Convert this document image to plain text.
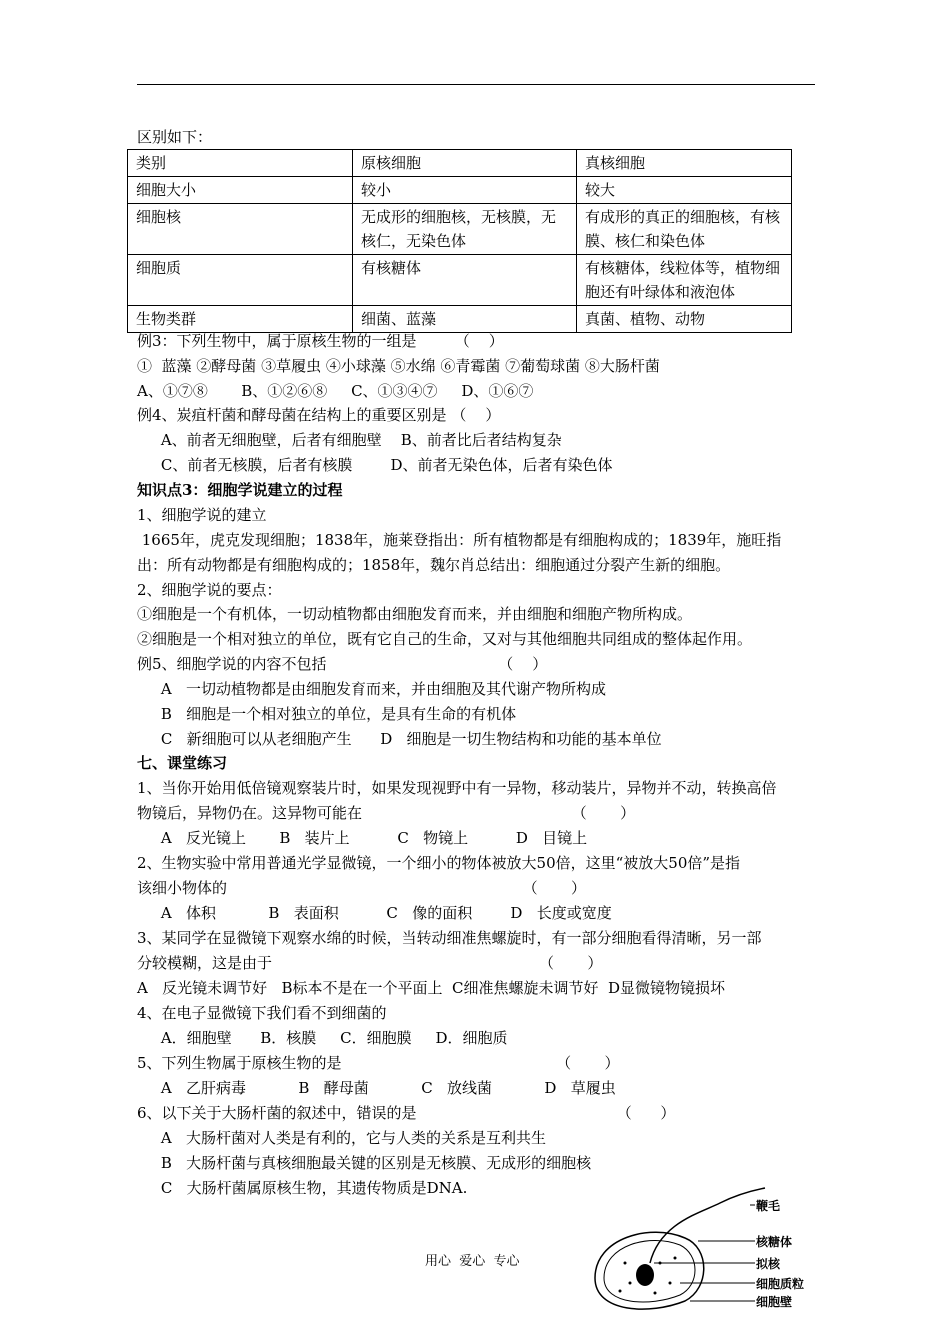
区别如下：
类别	原核细胞	真核细胞
细胞大小	较小	较大
细胞核	无成形的细胞核，无核膜，无核仁，无染色体	有成形的真正的细胞核，有核膜、核仁和染色体
细胞质	有核糖体	有核糖体，线粒体等，植物细胞还有叶绿体和液泡体
生物类群	细菌、蓝藻	真菌、植物、动物
例3：下列生物中，属于原核生物的一组是        （    ）
①  蓝藻 ②酵母菌 ③草履虫 ④小球藻 ⑤水绵 ⑥青霉菌 ⑦葡萄球菌 ⑧大肠杆菌
A、①⑦⑧       B、①②⑥⑧     C、①③④⑦     D、①⑥⑦
例4、炭疽杆菌和酵母菌在结构上的重要区别是 （    ）
A、前者无细胞壁，后者有细胞壁    B、前者比后者结构复杂
C、前者无核膜，后者有核膜        D、前者无染色体，后者有染色体
知识点3：细胞学说建立的过程
1、细胞学说的建立
1665年，虎克发现细胞；1838年，施莱登指出：所有植物都是有细胞构成的；1839年，施旺指
出：所有动物都是有细胞构成的；1858年，魏尔肖总结出：细胞通过分裂产生新的细胞。
2、细胞学说的要点：
①细胞是一个有机体，一切动植物都由细胞发育而来，并由细胞和细胞产物所构成。
②细胞是一个相对独立的单位，既有它自己的生命，又对与其他细胞共同组成的整体起作用。
例5、细胞学说的内容不包括                                    （    ）
A   一切动植物都是由细胞发育而来，并由细胞及其代谢产物所构成
B   细胞是一个相对独立的单位，是具有生命的有机体
C   新细胞可以从老细胞产生      D   细胞是一切生物结构和功能的基本单位
七、课堂练习
1、当你开始用低倍镜观察装片时，如果发现视野中有一异物，移动装片，异物并不动，转换高倍
物镜后，异物仍在。这异物可能在                                            （       ）
A   反光镜上       B   装片上          C   物镜上          D   目镜上
2、生物实验中常用普通光学显微镜，一个细小的物体被放大50倍，这里“被放大50倍”是指
该细小物体的                                                              （       ）
A   体积           B   表面积          C   像的面积        D   长度或宽度
3、某同学在显微镜下观察水绵的时候，当转动细准焦螺旋时，有一部分细胞看得清晰，另一部
分较模糊，这是由于                                                        （       ）
A   反光镜未调节好   B标本不是在一个平面上  C细准焦螺旋未调节好  D显微镜物镜损坏
4、在电子显微镜下我们看不到细菌的
A．细胞壁      B．核膜     C．细胞膜     D．细胞质
5、下列生物属于原核生物的是                                             （       ）
A   乙肝病毒           B   酵母菌           C   放线菌           D   草履虫
6、以下关于大肠杆菌的叙述中，错误的是                                          （      ）
A   大肠杆菌对人类是有利的，它与人类的关系是互利共生
B   大肠杆菌与真核细胞最关键的区别是无核膜、无成形的细胞核
C   大肠杆菌属原核生物，其遗传物质是DNA.
用心  爱心  专心
鞭毛
核糖体
拟核
细胞质粒
细胞壁
